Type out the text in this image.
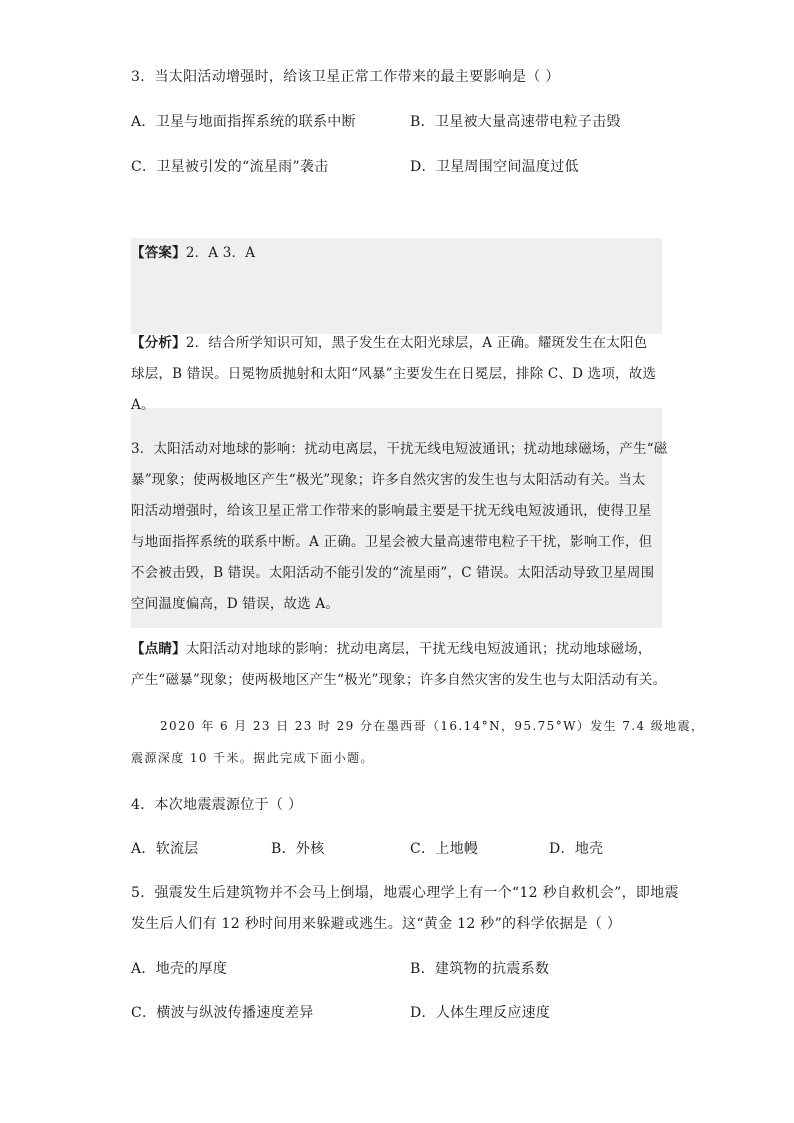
3．当太阳活动增强时，给该卫星正常工作带来的最主要影响是（ ）
A．卫星与地面指挥系统的联系中断	B．卫星被大量高速带电粒子击毁
C．卫星被引发的“流星雨”袭击	D．卫星周围空间温度过低
【答案】2．A 3．A
【分析】2．结合所学知识可知，黑子发生在太阳光球层，A 正确。耀斑发生在太阳色
球层，B 错误。日冕物质抛射和太阳“风暴”主要发生在日冕层，排除 C、D 选项，故选
A。
3．太阳活动对地球的影响：扰动电离层，干扰无线电短波通讯；扰动地球磁场，产生“磁
暴”现象；使两极地区产生“极光”现象；许多自然灾害的发生也与太阳活动有关。当太
阳活动增强时，给该卫星正常工作带来的影响最主要是干扰无线电短波通讯，使得卫星
与地面指挥系统的联系中断。A 正确。卫星会被大量高速带电粒子干扰，影响工作，但
不会被击毁，B 错误。太阳活动不能引发的“流星雨”，C 错误。太阳活动导致卫星周围
空间温度偏高，D 错误，故选 A。
【点睛】太阳活动对地球的影响：扰动电离层，干扰无线电短波通讯；扰动地球磁场，
产生“磁暴”现象；使两极地区产生“极光”现象；许多自然灾害的发生也与太阳活动有关。
2020 年 6 月 23 日 23 时 29 分在墨西哥（16.14°N，95.75°W）发生 7.4 级地震，
震源深度 10 千米。据此完成下面小题。
4．本次地震震源位于（ ）
A．软流层	B．外核	C．上地幔	D．地壳
5．强震发生后建筑物并不会马上倒塌，地震心理学上有一个“12 秒自救机会”，即地震
发生后人们有 12 秒时间用来躲避或逃生。这“黄金 12 秒”的科学依据是（ ）
A．地壳的厚度	B．建筑物的抗震系数
C．横波与纵波传播速度差异	D．人体生理反应速度
